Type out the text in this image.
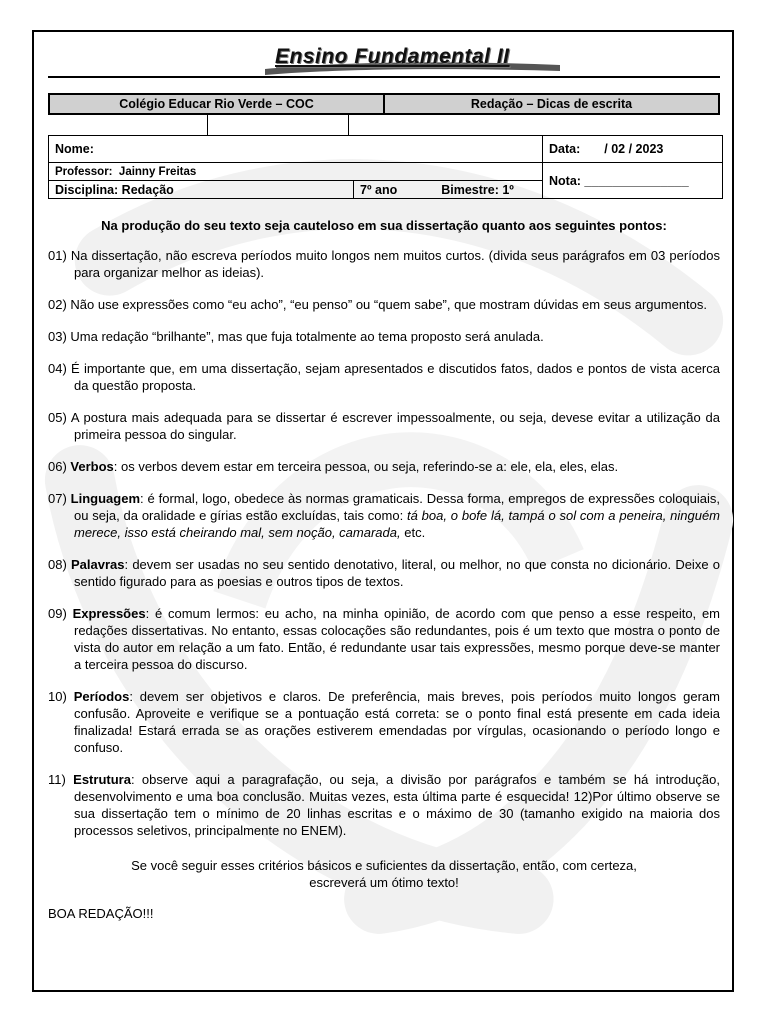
Ensino Fundamental II
Colégio Educar Rio Verde – COC	Redação – Dicas de escrita
Nome:		Data: / 02 / 2023
Professor: Jainny Freitas		Nota: _______________
Disciplina: Redação	7º ano Bimestre: 1º	

Na produção do seu texto seja cauteloso em sua dissertação quanto aos seguintes pontos:

01) Na dissertação, não escreva períodos muito longos nem muitos curtos. (divida seus parágrafos em 03 períodos para organizar melhor as ideias).

02) Não use expressões como “eu acho”, “eu penso” ou “quem sabe”, que mostram dúvidas em seus argumentos.

03) Uma redação “brilhante”, mas que fuja totalmente ao tema proposto será anulada.

04) É importante que, em uma dissertação, sejam apresentados e discutidos fatos, dados e pontos de vista acerca da questão proposta.

05) A postura mais adequada para se dissertar é escrever impessoalmente, ou seja, devese evitar a utilização da primeira pessoa do singular.

06) Verbos: os verbos devem estar em terceira pessoa, ou seja, referindo-se a: ele, ela, eles, elas.

07) Linguagem: é formal, logo, obedece às normas gramaticais. Dessa forma, empregos de expressões coloquiais, ou seja, da oralidade e gírias estão excluídas, tais como: tá boa, o bofe lá, tampá o sol com a peneira, ninguém merece, isso está cheirando mal, sem noção, camarada, etc.

08) Palavras: devem ser usadas no seu sentido denotativo, literal, ou melhor, no que consta no dicionário. Deixe o sentido figurado para as poesias e outros tipos de textos.

09) Expressões: é comum lermos: eu acho, na minha opinião, de acordo com que penso a esse respeito, em redações dissertativas. No entanto, essas colocações são redundantes, pois é um texto que mostra o ponto de vista do autor em relação a um fato. Então, é redundante usar tais expressões, mesmo porque deve-se manter a terceira pessoa do discurso.

10) Períodos: devem ser objetivos e claros. De preferência, mais breves, pois períodos muito longos geram confusão. Aproveite e verifique se a pontuação está correta: se o ponto final está presente em cada ideia finalizada! Estará errada se as orações estiverem emendadas por vírgulas, ocasionando o período longo e confuso.

11) Estrutura: observe aqui a paragrafação, ou seja, a divisão por parágrafos e também se há introdução, desenvolvimento e uma boa conclusão. Muitas vezes, esta última parte é esquecida! 12)Por último observe se sua dissertação tem o mínimo de 20 linhas escritas e o máximo de 30 (tamanho exigido na maioria dos processos seletivos, principalmente no ENEM).

Se você seguir esses critérios básicos e suficientes da dissertação, então, com certeza,
escreverá um ótimo texto!

BOA REDAÇÃO!!!
